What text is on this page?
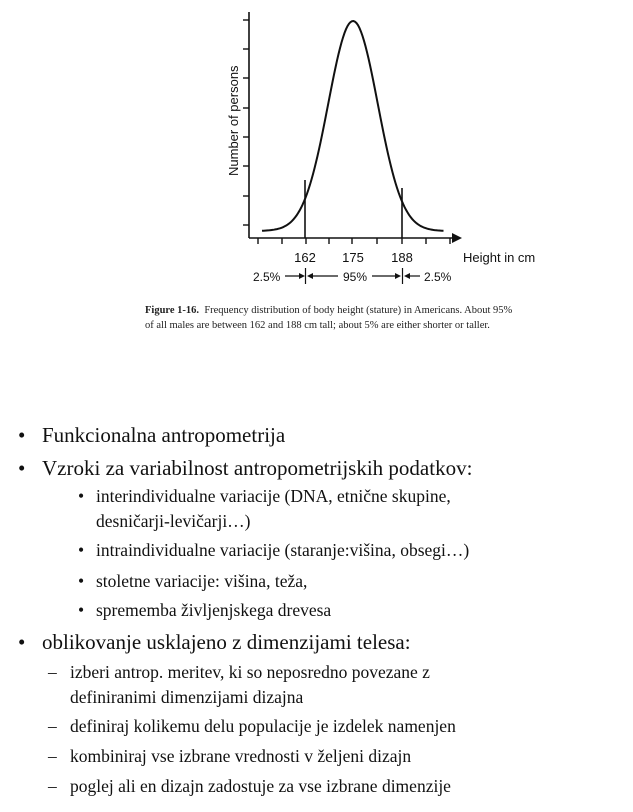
Number of persons
Height in cm
162 175 188
2.5%	95%	2.5%
Figure 1-16. Frequency distribution of body height (stature) in Americans. About 95%
of all males are between 162 and 188 cm tall; about 5% are either shorter or taller.
• Funkcionalna antropometrija
• Vzroki za variabilnost antropometrijskih podatkov:
• interindividualne variacije (DNA, etnične skupine,
desničarji-levičarji…)
• intraindividualne variacije (staranje:višina, obsegi…)
• stoletne variacije: višina, teža,
• sprememba življenjskega drevesa
• oblikovanje usklajeno z dimenzijami telesa:
– izberi antrop. meritev, ki so neposredno povezane z
definiranimi dimenzijami dizajna
– definiraj kolikemu delu populacije je izdelek namenjen
– kombiniraj vse izbrane vrednosti v željeni dizajn
– poglej ali en dizajn zadostuje za vse izbrane dimenzije
